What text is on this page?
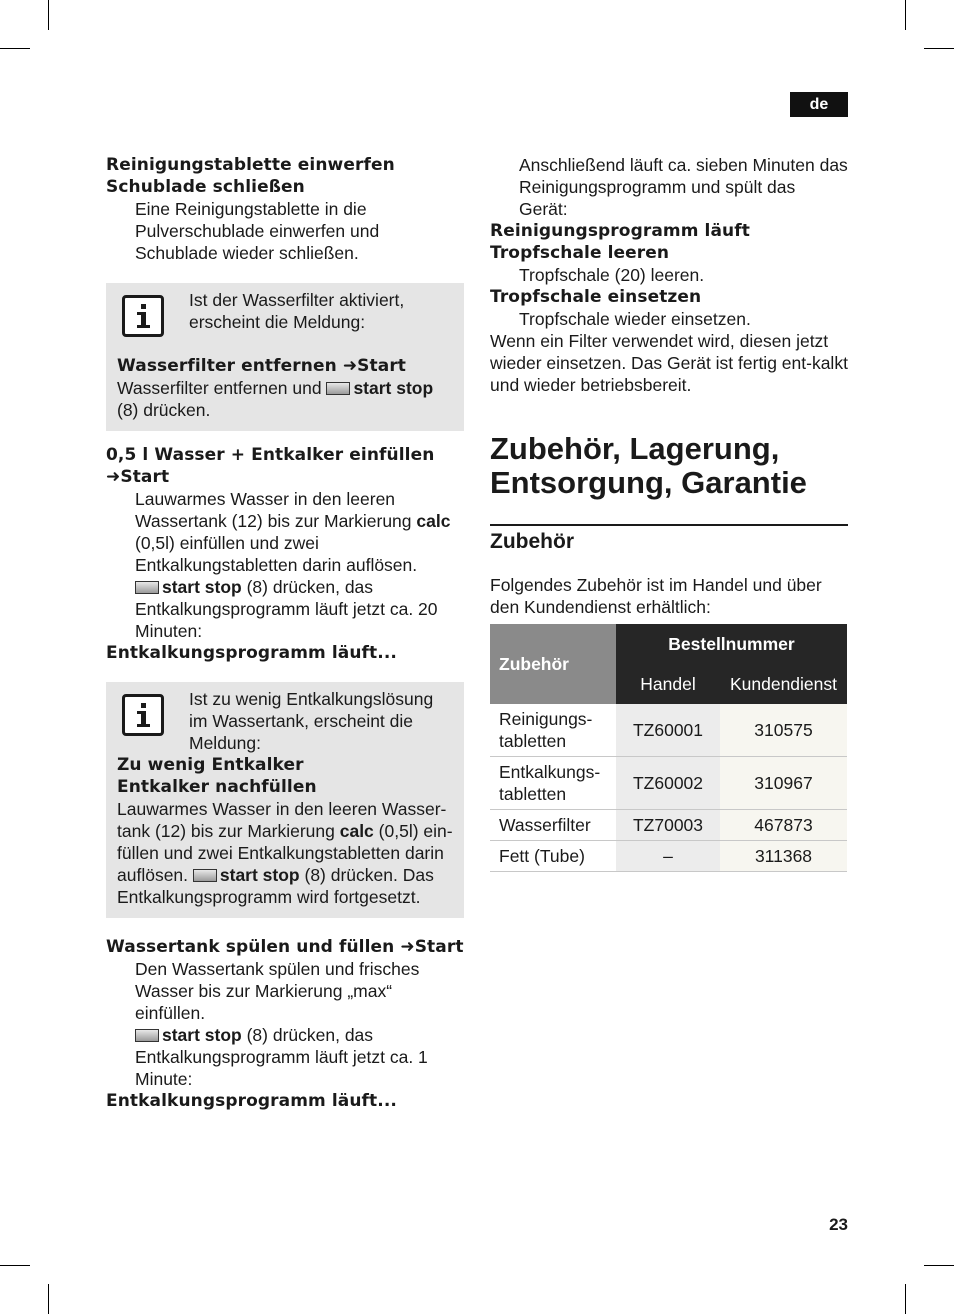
de
Reinigungstablette einwerfen
Schublade schließen

Eine Reinigungstablette in die Pulverschublade einwerfen und Schublade wieder schließen.

Ist der Wasserfilter aktiviert, erscheint die Meldung:

Wasserfilter entfernen ➜Start

Wasserfilter entfernen und start stop
(8) drücken.

0,5 l Wasser + Entkalker einfüllen
➜Start

Lauwarmes Wasser in den leeren Wassertank (12) bis zur Markierung calc (0,5l) einfüllen und zwei Entkalkungstabletten darin auflösen.
start stop (8) drücken, das Entkalkungsprogramm läuft jetzt ca. 20 Minuten:

Entkalkungsprogramm läuft...

Ist zu wenig Entkalkungslösung im Wassertank, erscheint die Meldung:

Zu wenig Entkalker
Entkalker nachfüllen

Lauwarmes Wasser in den leeren Wasser-tank (12) bis zur Markierung calc (0,5l) ein-füllen und zwei Entkalkungstabletten darin auflösen. start stop (8) drücken. Das Entkalkungsprogramm wird fortgesetzt.

Wassertank spülen und füllen ➜Start

Den Wassertank spülen und frisches Wasser bis zur Markierung „max“ einfüllen.
start stop (8) drücken, das Entkalkungsprogramm läuft jetzt ca. 1 Minute:

Entkalkungsprogramm läuft...

Anschließend läuft ca. sieben Minuten das Reinigungsprogramm und spült das Gerät:

Reinigungsprogramm läuft
Tropfschale leeren

Tropfschale (20) leeren.

Tropfschale einsetzen

Tropfschale wieder einsetzen.

Wenn ein Filter verwendet wird, diesen jetzt wieder einsetzen. Das Gerät ist fertig ent-kalkt und wieder betriebsbereit.

Zubehör, Lagerung,
Entsorgung, Garantie

Zubehör

Folgendes Zubehör ist im Handel und über den Kundendienst erhältlich:

Zubehör	Bestellnummer	
	Handel	Kundendienst
Reinigungs-tabletten	TZ60001	310575
Entkalkungs-tabletten	TZ60002	310967
Wasserfilter	TZ70003	467873
Fett (Tube)	–	311368
23
